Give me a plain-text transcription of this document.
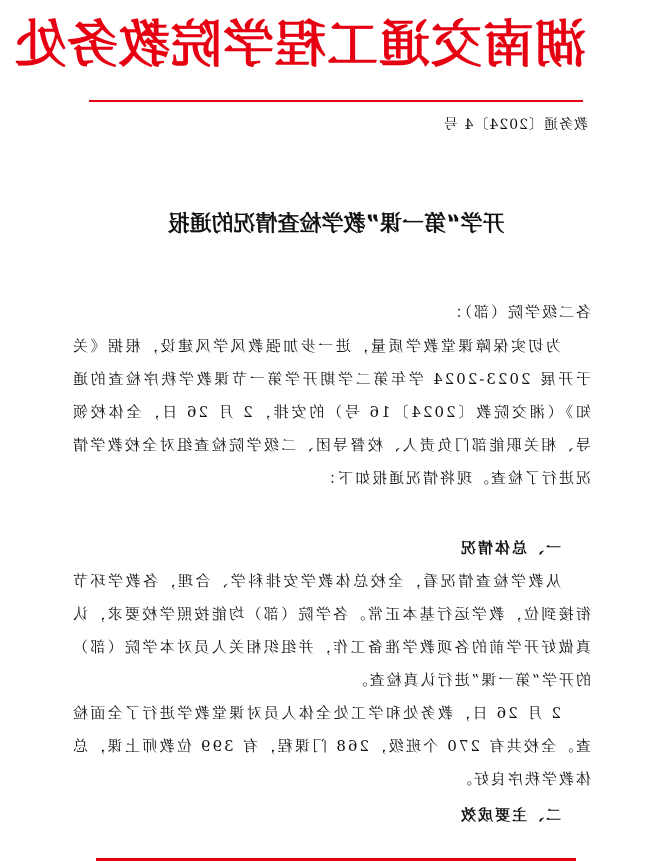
湖南交通工程学院教务处
教务通〔2024〕4 号
开学“第一课”教学检查情况的通报
各二级学院（部）：
为切实保障课堂教学质量，进一步加强教风学风建设，根据《关于开展 2023-2024 学年第二学期开学第一节课教学秩序检查的通知》（湘交院教〔2024〕16 号）的安排，2 月 26 日，全体校领导、相关职能部门负责人、校督导团、二级学院检查组对全校教学情况进行了检查。现将情况通报如下：
一、总体情况
从教学检查情况看，全校总体教学安排科学、合理，各教学环节衔接到位，教学运行基本正常。各学院（部）均能按照学校要求，认真做好开学前的各项教学准备工作，并组织相关人员对本学院（部）的开学“第一课”进行认真检查。
2 月 26 日，教务处和学工处全体人员对课堂教学进行了全面检查。全校共有 270 个班级，268 门课程，有 399 位教师上课，总体教学秩序良好。
二、主要成效
